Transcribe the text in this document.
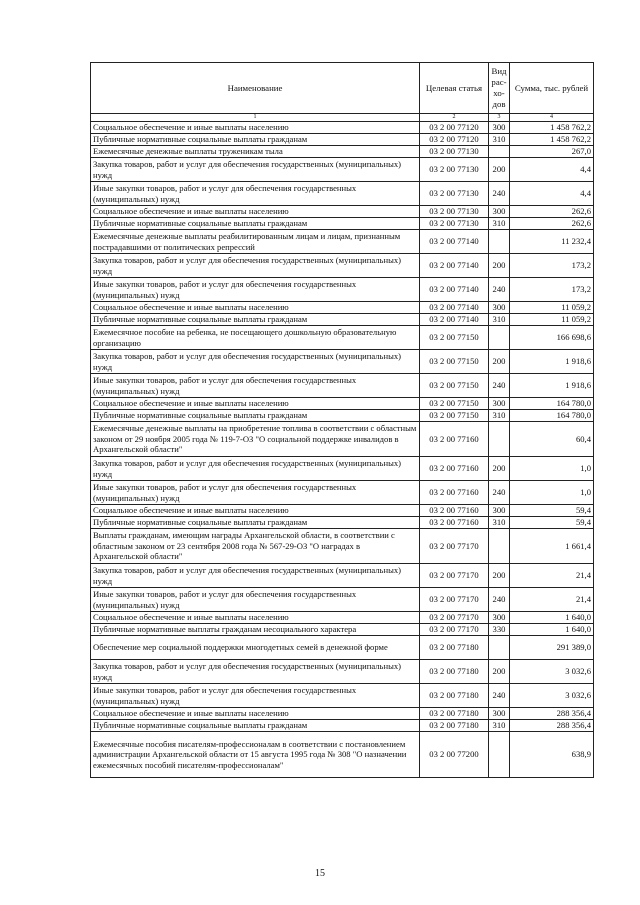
Наименование	Целевая статья	Вид рас-хо-дов	Сумма, тыс. рублей
1	2	3	4
Социальное обеспечение и иные выплаты населению	03 2 00 77120	300	1 458 762,2
Публичные нормативные социальные выплаты гражданам	03 2 00 77120	310	1 458 762,2
Ежемесячные денежные выплаты труженикам тыла	03 2 00 77130		267,0
Закупка товаров, работ и услуг для обеспечения государственных (муниципальных) нужд	03 2 00 77130	200	4,4
Иные закупки товаров, работ и услуг для обеспечения государственных (муниципальных) нужд	03 2 00 77130	240	4,4
Социальное обеспечение и иные выплаты населению	03 2 00 77130	300	262,6
Публичные нормативные социальные выплаты гражданам	03 2 00 77130	310	262,6
Ежемесячные денежные выплаты реабилитированным лицам и лицам, признанным пострадавшими от политических репрессий	03 2 00 77140		11 232,4
Закупка товаров, работ и услуг для обеспечения государственных (муниципальных) нужд	03 2 00 77140	200	173,2
Иные закупки товаров, работ и услуг для обеспечения государственных (муниципальных) нужд	03 2 00 77140	240	173,2
Социальное обеспечение и иные выплаты населению	03 2 00 77140	300	11 059,2
Публичные нормативные социальные выплаты гражданам	03 2 00 77140	310	11 059,2
Ежемесячное пособие на ребенка, не посещающего дошкольную образовательную организацию	03 2 00 77150		166 698,6
Закупка товаров, работ и услуг для обеспечения государственных (муниципальных) нужд	03 2 00 77150	200	1 918,6
Иные закупки товаров, работ и услуг для обеспечения государственных (муниципальных) нужд	03 2 00 77150	240	1 918,6
Социальное обеспечение и иные выплаты населению	03 2 00 77150	300	164 780,0
Публичные нормативные социальные выплаты гражданам	03 2 00 77150	310	164 780,0
Ежемесячные денежные выплаты на приобретение топлива в соответствии с областным законом от 29 ноября 2005 года № 119-7-ОЗ "О социальной поддержке инвалидов в Архангельской области"	03 2 00 77160		60,4
Закупка товаров, работ и услуг для обеспечения государственных (муниципальных) нужд	03 2 00 77160	200	1,0
Иные закупки товаров, работ и услуг для обеспечения государственных (муниципальных) нужд	03 2 00 77160	240	1,0
Социальное обеспечение и иные выплаты населению	03 2 00 77160	300	59,4
Публичные нормативные социальные выплаты гражданам	03 2 00 77160	310	59,4
Выплаты гражданам, имеющим награды Архангельской области, в соответствии с областным законом от 23 сентября 2008 года № 567-29-ОЗ "О наградах в Архангельской области"	03 2 00 77170		1 661,4
Закупка товаров, работ и услуг для обеспечения государственных (муниципальных) нужд	03 2 00 77170	200	21,4
Иные закупки товаров, работ и услуг для обеспечения государственных (муниципальных) нужд	03 2 00 77170	240	21,4
Социальное обеспечение и иные выплаты населению	03 2 00 77170	300	1 640,0
Публичные нормативные выплаты гражданам несоциального характера	03 2 00 77170	330	1 640,0
Обеспечение мер социальной поддержки многодетных семей в денежной форме	03 2 00 77180		291 389,0
Закупка товаров, работ и услуг для обеспечения государственных (муниципальных) нужд	03 2 00 77180	200	3 032,6
Иные закупки товаров, работ и услуг для обеспечения государственных (муниципальных) нужд	03 2 00 77180	240	3 032,6
Социальное обеспечение и иные выплаты населению	03 2 00 77180	300	288 356,4
Публичные нормативные социальные выплаты гражданам	03 2 00 77180	310	288 356,4
Ежемесячные пособия писателям-профессионалам в соответствии с постановлением администрации Архангельской области от 15 августа 1995 года № 308 "О назначении ежемесячных пособий писателям-профессионалам"	03 2 00 77200		638,9
15
